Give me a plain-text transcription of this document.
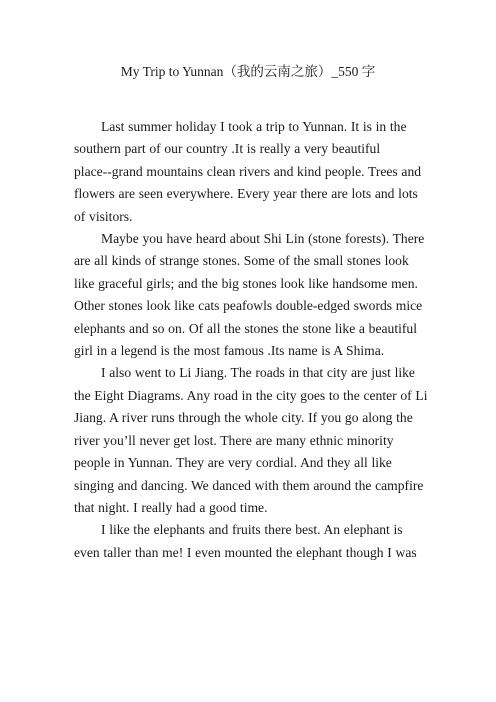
My Trip to Yunnan（我的云南之旅）_550 字
Last summer holiday I took a trip to Yunnan. It is in the
southern part of our country .It is really a very beautiful
place--grand mountains clean rivers and kind people. Trees and
flowers are seen everywhere. Every year there are lots and lots
of visitors.
Maybe you have heard about Shi Lin (stone forests). There
are all kinds of strange stones. Some of the small stones look
like graceful girls; and the big stones look like handsome men.
Other stones look like cats peafowls double-edged swords mice
elephants and so on. Of all the stones the stone like a beautiful
girl in a legend is the most famous .Its name is A Shima.
I also went to Li Jiang. The roads in that city are just like
the Eight Diagrams. Any road in the city goes to the center of Li
Jiang. A river runs through the whole city. If you go along the
river you’ll never get lost. There are many ethnic minority
people in Yunnan. They are very cordial. And they all like
singing and dancing. We danced with them around the campfire
that night. I really had a good time.
I like the elephants and fruits there best. An elephant is
even taller than me! I even mounted the elephant though I was
